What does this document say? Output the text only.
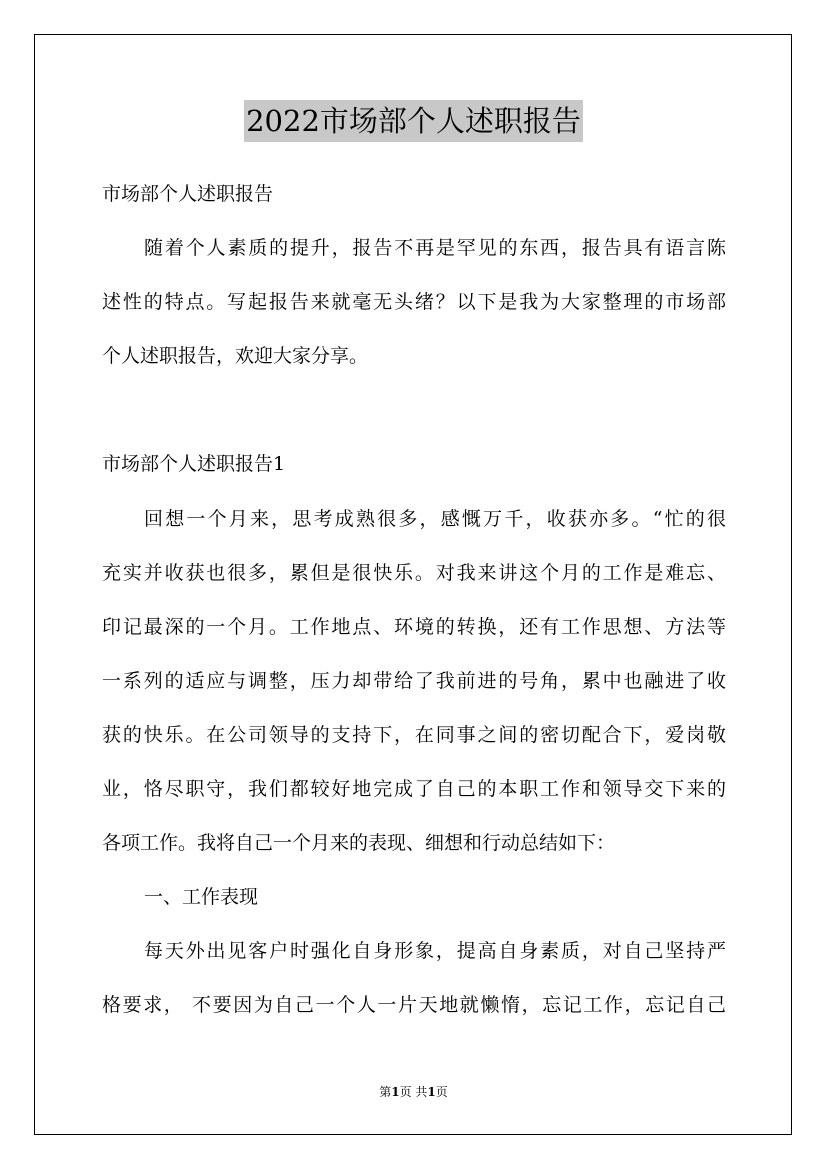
2022市场部个人述职报告
市场部个人述职报告
随着个人素质的提升，报告不再是罕见的东西，报告具有语言陈
述性的特点。写起报告来就毫无头绪？以下是我为大家整理的市场部
个人述职报告，欢迎大家分享。
市场部个人述职报告1
回想一个月来，思考成熟很多，感慨万千，收获亦多。“忙的很
充实并收获也很多，累但是很快乐。对我来讲这个月的工作是难忘、
印记最深的一个月。工作地点、环境的转换，还有工作思想、方法等
一系列的适应与调整，压力却带给了我前进的号角，累中也融进了收
获的快乐。在公司领导的支持下，在同事之间的密切配合下，爱岗敬
业，恪尽职守，我们都较好地完成了自己的本职工作和领导交下来的
各项工作。我将自己一个月来的表现、细想和行动总结如下：
一、工作表现
每天外出见客户时强化自身形象，提高自身素质，对自己坚持严
格要求， 不要因为自己一个人一片天地就懒惰，忘记工作，忘记自己
第1页 共1页
